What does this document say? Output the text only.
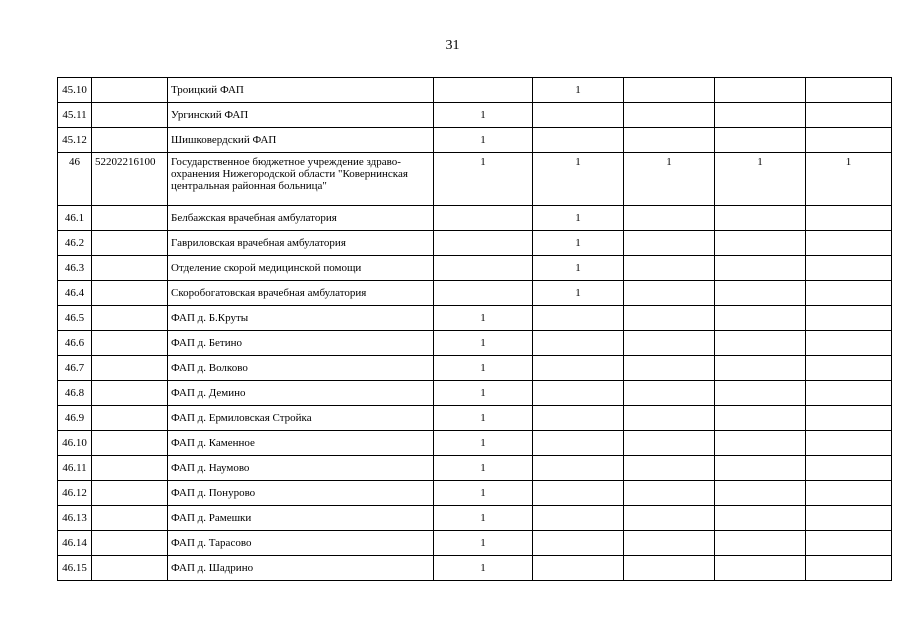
31
45.10		Троицкий ФАП		1			
45.11		Ургинский ФАП	1				
45.12		Шишковердский ФАП	1				
46	52202216100	Государственное бюджетное учреждение здраво-охранения Нижегородской области "Ковернинская центральная районная больница"	1	1	1	1	1
46.1		Белбажская врачебная амбулатория		1			
46.2		Гавриловская врачебная амбулатория		1			
46.3		Отделение скорой медицинской помощи		1			
46.4		Скоробогатовская врачебная амбулатория		1			
46.5		ФАП д. Б.Круты	1				
46.6		ФАП д. Бетино	1				
46.7		ФАП д. Волково	1				
46.8		ФАП д. Демино	1				
46.9		ФАП д. Ермиловская Стройка	1				
46.10		ФАП д. Каменное	1				
46.11		ФАП д. Наумово	1				
46.12		ФАП д. Понурово	1				
46.13		ФАП д. Рамешки	1				
46.14		ФАП д. Тарасово	1				
46.15		ФАП д. Шадрино	1				
